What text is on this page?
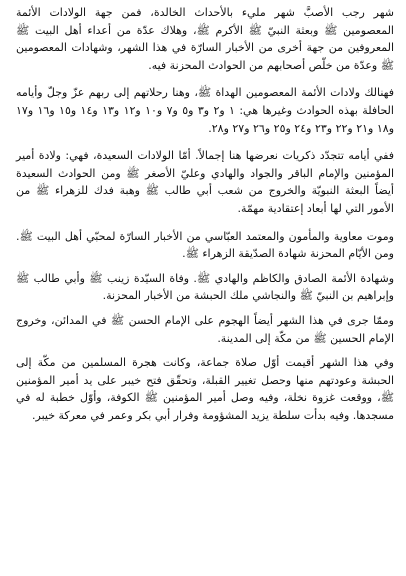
شهر رجب الأصبَّ شهر مليء بالأحداث الخالدة، فمن جهة الولادات الأئمة المعصومين ﷺ وبعثة النبيّ ﷺ الأكرم ﷺ، وهلاك عدّة من أعداء أهل البيت ﷺ المعروفين من جهة أخرى من الأخبار السارّة في هذا الشهر، وشهادات المعصومين ﷺ وعدّة من خلّص أصحابهم من الحوادث المحزنة فيه.

فهنالك ولادات الأئمة المعصومين الهداة ﷺ، وهنا رحلاتهم إلى ربهم عزّ وجلّ وأيامه الحافلة بهذه الحوادث وغيرها هي: ١ و٢ و٣ و٥ و٧ و١٠ و١٢ و١٣ و١٤ و١٥ و١٦ و١٧ و١٨ و٢١ و٢٢ و٢٣ و٢٤ و٢٥ و٢٦ و٢٧ و٢٨.

ففي أيامه تتجدّد ذكريات نعرضها هنا إجمالاً. أمّا الولادات السعيدة، فهي: ولادة أمير المؤمنين والإمام الباقر والجواد والهادي وعليّ الأصغر ﷺ ومن الحوادث السعيدة أيضاً البعثة النبويّة والخروج من شعب أبي طالب ﷺ وهبة فدك للزهراء ﷺ من الأمور التي لها أبعاد إعتقادية مهمّة.

وموت معاوية والمأمون والمعتمد العبّاسي من الأخبار السارّة لمحبّي أهل البيت ﷺ. ومن الأيّام المحزنة شهادة الصدّيقة الزهراء ﷺ.

وشهادة الأئمة الصادق والكاظم والهادي ﷺ. وفاة السيّدة زينب ﷺ وأبي طالب ﷺ وإبراهيم بن النبيّ ﷺ والنجاشي ملك الحبشة من الأخبار المحزنة.

وممّا جرى في هذا الشهر أيضاً الهجوم على الإمام الحسن ﷺ في المدائن، وخروج الإمام الحسين ﷺ من مكّة إلى المدينة.

وفي هذا الشهر أقيمت أوّل صلاة جماعة، وكانت هجرة المسلمين من مكّة إلى الحبشة وعودتهم منها وحصل تغيير القبلة، وتحقّق فتح خيبر على يد أمير المؤمنين ﷺ، ووقعت غزوة نخلة، وفيه وصل أمير المؤمنين ﷺ الكوفة، وأوّل خطبة له في مسجدها. وفيه بدأت سلطة يزيد المشؤومة وفرار أبي بكر وعمر في معركة خيبر.
